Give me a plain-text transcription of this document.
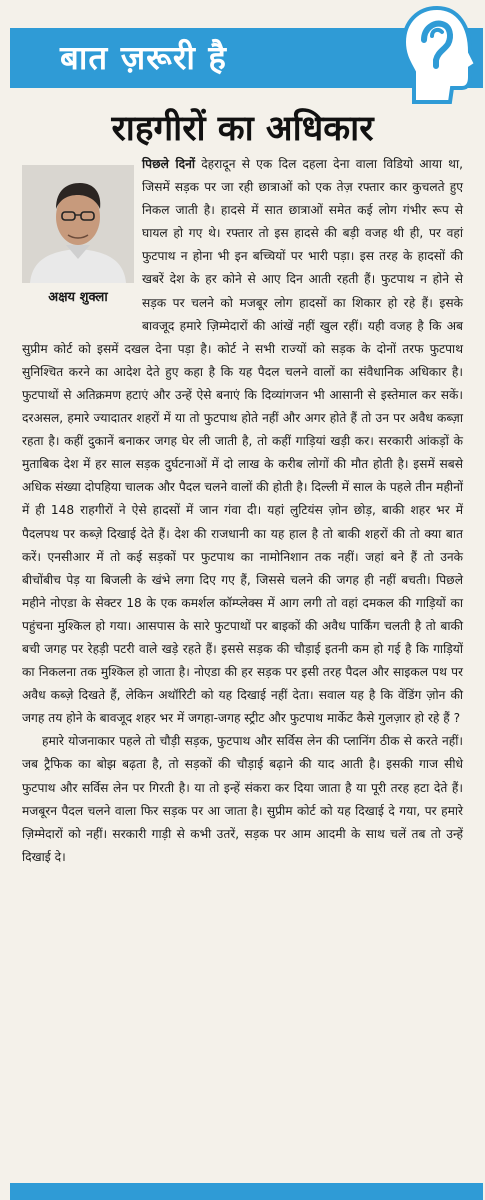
बात ज़रूरी है
राहगीरों का अधिकार
अक्षय शुक्ला

पिछले दिनों देहरादून से एक दिल दहला देना वाला विडियो आया था, जिसमें सड़क पर जा रही छात्राओं को एक तेज़ रफ्तार कार कुचलते हुए निकल जाती है। हादसे में सात छात्राओं समेत कई लोग गंभीर रूप से घायल हो गए थे। रफ्तार तो इस हादसे की बड़ी वजह थी ही, पर वहां फुटपाथ न होना भी इन बच्चियों पर भारी पड़ा। इस तरह के हादसों की खबरें देश के हर कोने से आए दिन आती रहती हैं। फुटपाथ न होने से सड़क पर चलने को मजबूर लोग हादसों का शिकार हो रहे हैं। इसके बावजूद हमारे ज़िम्मेदारों की आंखें नहीं खुल रहीं। यही वजह है कि अब सुप्रीम कोर्ट को इसमें दखल देना पड़ा है। कोर्ट ने सभी राज्यों को सड़क के दोनों तरफ फुटपाथ सुनिश्चित करने का आदेश देते हुए कहा है कि यह पैदल चलने वालों का संवैधानिक अधिकार है। फुटपाथों से अतिक्रमण हटाएं और उन्हें ऐसे बनाएं कि दिव्यांगजन भी आसानी से इस्तेमाल कर सकें। दरअसल, हमारे ज्यादातर शहरों में या तो फुटपाथ होते नहीं और अगर होते हैं तो उन पर अवैध कब्ज़ा रहता है। कहीं दुकानें बनाकर जगह घेर ली जाती है, तो कहीं गाड़ियां खड़ी कर। सरकारी आंकड़ों के मुताबिक देश में हर साल सड़क दुर्घटनाओं में दो लाख के करीब लोगों की मौत होती है। इसमें सबसे अधिक संख्या दोपहिया चालक और पैदल चलने वालों की होती है। दिल्ली में साल के पहले तीन महीनों में ही 148 राहगीरों ने ऐसे हादसों में जान गंवा दी। यहां लुटियंस ज़ोन छोड़, बाकी शहर भर में पैदलपथ पर कब्ज़े दिखाई देते हैं। देश की राजधानी का यह हाल है तो बाकी शहरों की तो क्या बात करें। एनसीआर में तो कई सड़कों पर फुटपाथ का नामोनिशान तक नहीं। जहां बने हैं तो उनके बीचोंबीच पेड़ या बिजली के खंभे लगा दिए गए हैं, जिससे चलने की जगह ही नहीं बचती। पिछले महीने नोएडा के सेक्टर 18 के एक कमर्शल कॉम्प्लेक्स में आग लगी तो वहां दमकल की गाड़ियों का पहुंचना मुश्किल हो गया। आसपास के सारे फुटपाथों पर बाइकों की अवैध पार्किंग चलती है तो बाकी बची जगह पर रेहड़ी पटरी वाले खड़े रहते हैं। इससे सड़क की चौड़ाई इतनी कम हो गई है कि गाड़ियों का निकलना तक मुश्किल हो जाता है। नोएडा की हर सड़क पर इसी तरह पैदल और साइकल पथ पर अवैध कब्ज़े दिखते हैं, लेकिन अथॉरिटी को यह दिखाई नहीं देता। सवाल यह है कि वेंडिंग ज़ोन की जगह तय होने के बावजूद शहर भर में जगहा-जगह स्ट्रीट और फुटपाथ मार्केट कैसे गुलज़ार हो रहे हैं ?

हमारे योजनाकार पहले तो चौड़ी सड़क, फुटपाथ और सर्विस लेन की प्लानिंग ठीक से करते नहीं। जब ट्रैफिक का बोझ बढ़ता है, तो सड़कों की चौड़ाई बढ़ाने की याद आती है। इसकी गाज सीधे फुटपाथ और सर्विस लेन पर गिरती है। या तो इन्हें संकरा कर दिया जाता है या पूरी तरह हटा देते हैं। मजबूरन पैदल चलने वाला फिर सड़क पर आ जाता है। सुप्रीम कोर्ट को यह दिखाई दे गया, पर हमारे ज़िम्मेदारों को नहीं। सरकारी गाड़ी से कभी उतरें, सड़क पर आम आदमी के साथ चलें तब तो उन्हें दिखाई दे।
